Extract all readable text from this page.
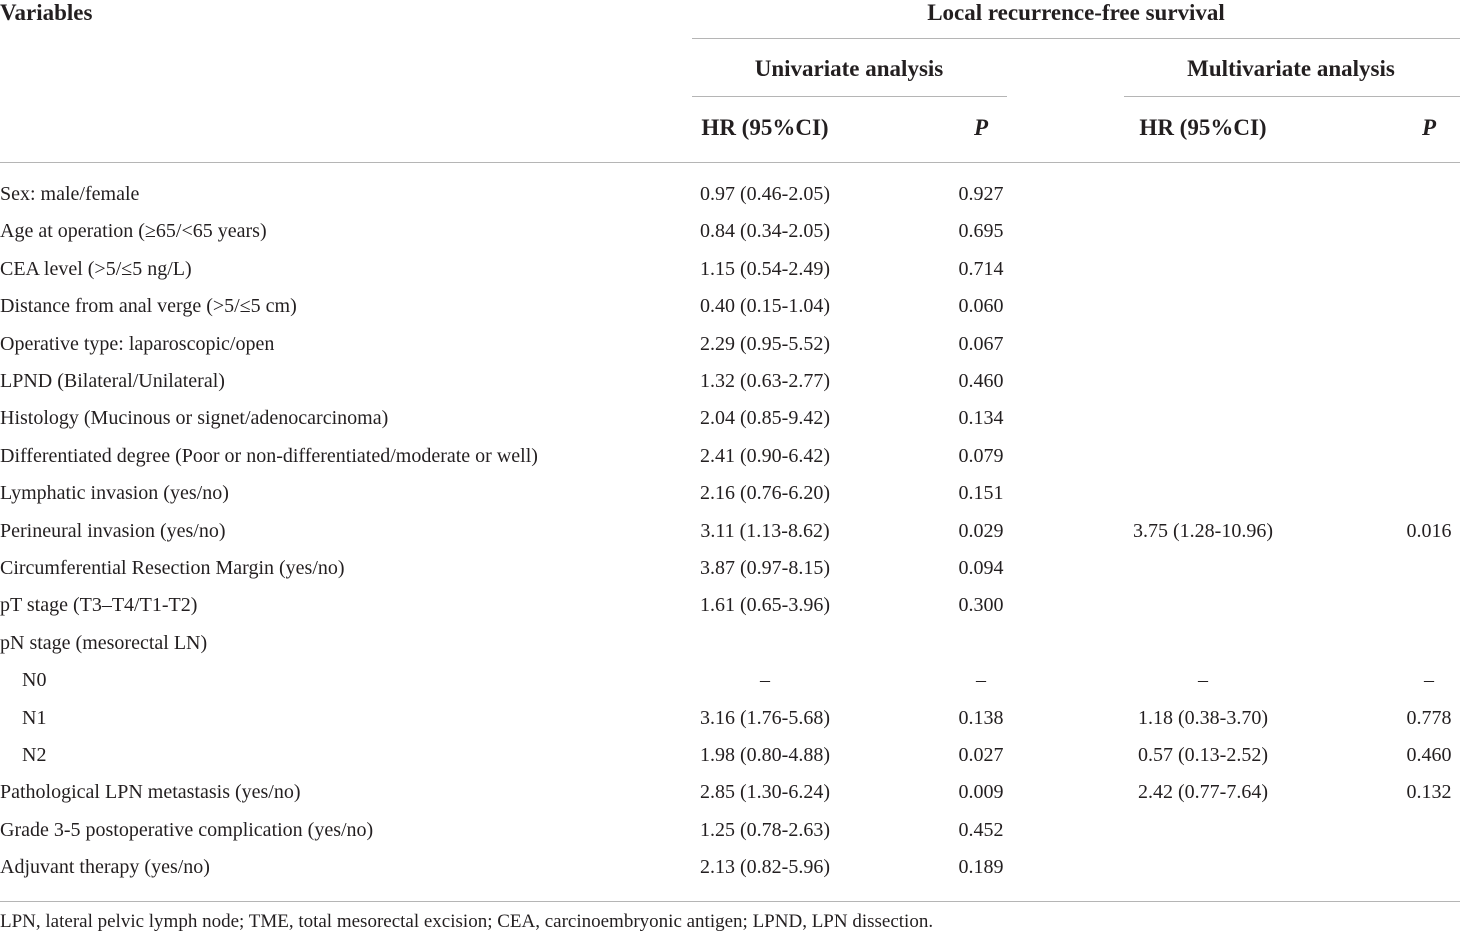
Variables	Local recurrence-free survival
Univariate analysis	Multivariate analysis
HR (95%CI)	P	HR (95%CI)	P
Sex: male/female	0.97 (0.46-2.05)	0.927
Age at operation (≥65/<65 years)	0.84 (0.34-2.05)	0.695
CEA level (>5/≤5 ng/L)	1.15 (0.54-2.49)	0.714
Distance from anal verge (>5/≤5 cm)	0.40 (0.15-1.04)	0.060
Operative type: laparoscopic/open	2.29 (0.95-5.52)	0.067
LPND (Bilateral/Unilateral)	1.32 (0.63-2.77)	0.460
Histology (Mucinous or signet/adenocarcinoma)	2.04 (0.85-9.42)	0.134
Differentiated degree (Poor or non-differentiated/moderate or well)	2.41 (0.90-6.42)	0.079
Lymphatic invasion (yes/no)	2.16 (0.76-6.20)	0.151
Perineural invasion (yes/no)	3.11 (1.13-8.62)	0.029	3.75 (1.28-10.96)	0.016
Circumferential Resection Margin (yes/no)	3.87 (0.97-8.15)	0.094
pT stage (T3–T4/T1-T2)	1.61 (0.65-3.96)	0.300
pN stage (mesorectal LN)
N0	–	–	–	–
N1	3.16 (1.76-5.68)	0.138	1.18 (0.38-3.70)	0.778
N2	1.98 (0.80-4.88)	0.027	0.57 (0.13-2.52)	0.460
Pathological LPN metastasis (yes/no)	2.85 (1.30-6.24)	0.009	2.42 (0.77-7.64)	0.132
Grade 3-5 postoperative complication (yes/no)	1.25 (0.78-2.63)	0.452
Adjuvant therapy (yes/no)	2.13 (0.82-5.96)	0.189
LPN, lateral pelvic lymph node; TME, total mesorectal excision; CEA, carcinoembryonic antigen; LPND, LPN dissection.
